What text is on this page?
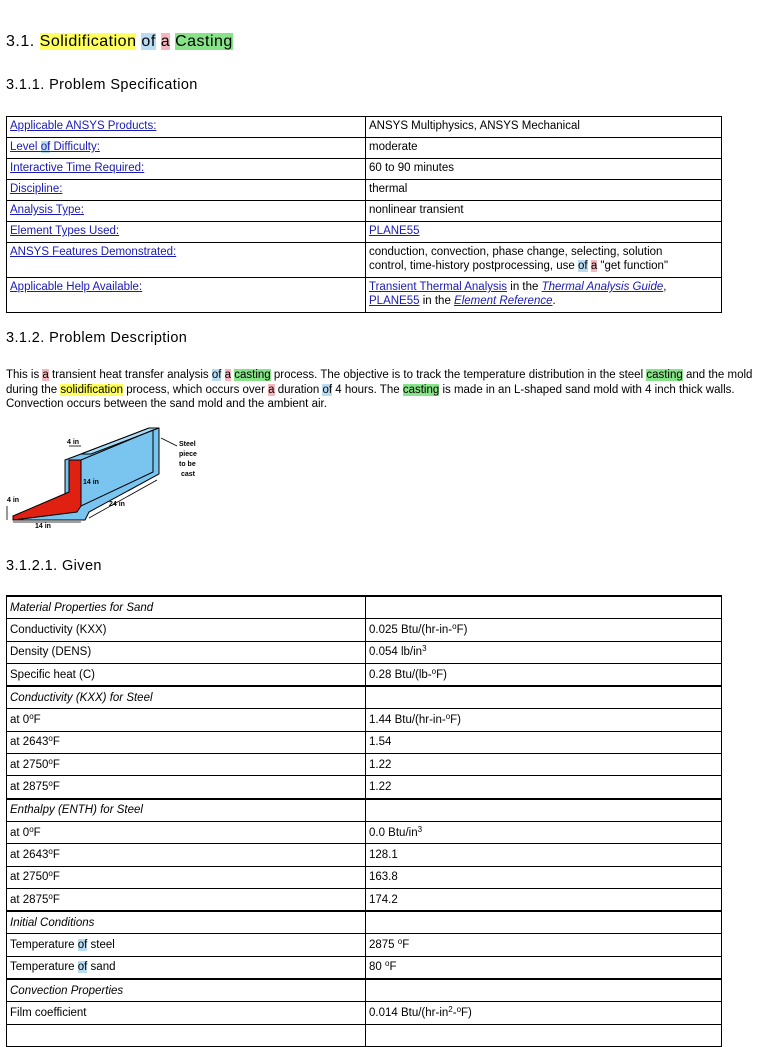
3.1. Solidification of a Casting
3.1.1. Problem Specification
Applicable ANSYS Products:	ANSYS Multiphysics, ANSYS Mechanical
Level of Difficulty:	moderate
Interactive Time Required:	60 to 90 minutes
Discipline:	thermal
Analysis Type:	nonlinear transient
Element Types Used:	PLANE55
ANSYS Features Demonstrated:	conduction, convection, phase change, selecting, solution
control, time-history postprocessing, use of a "get function"
Applicable Help Available:	Transient Thermal Analysis in the Thermal Analysis Guide,
PLANE55 in the Element Reference.
3.1.2. Problem Description

This is a transient heat transfer analysis of a casting process. The objective is to track the temperature distribution in the steel casting and the mold during the solidification process, which occurs over a duration of 4 hours. The casting is made in an L-shaped sand mold with 4 inch thick walls. Convection occurs between the sand mold and the ambient air.

4 in
14 in
24 in
4 in
14 in
Steel
piece
to be
cast
3.1.2.1. Given
Material Properties for Sand	
Conductivity (KXX)	0.025 Btu/(hr-in-$^o$F)
Density (DENS)	0.054 $lb/in^3$
Specific heat (C)	0.28 Btu/(lb-$^o$F)
Conductivity (KXX) for Steel	
at 0$^o$F	1.44 Btu/(hr-in-$^o$F)
at 2643$^o$F	1.54
at 2750$^o$F	1.22
at 2875$^o$F	1.22
Enthalpy (ENTH) for Steel	
at 0$^o$F	0.0 Btu/$in^3$
at 2643$^o$F	128.1
at 2750$^o$F	163.8
at 2875$^o$F	174.2
Initial Conditions	
Temperature of steel	2875 $^o$F
Temperature of sand	80 $^o$F
Convection Properties	
Film coefficient	0.014 Btu/$(hr-in^2-^oF)$
